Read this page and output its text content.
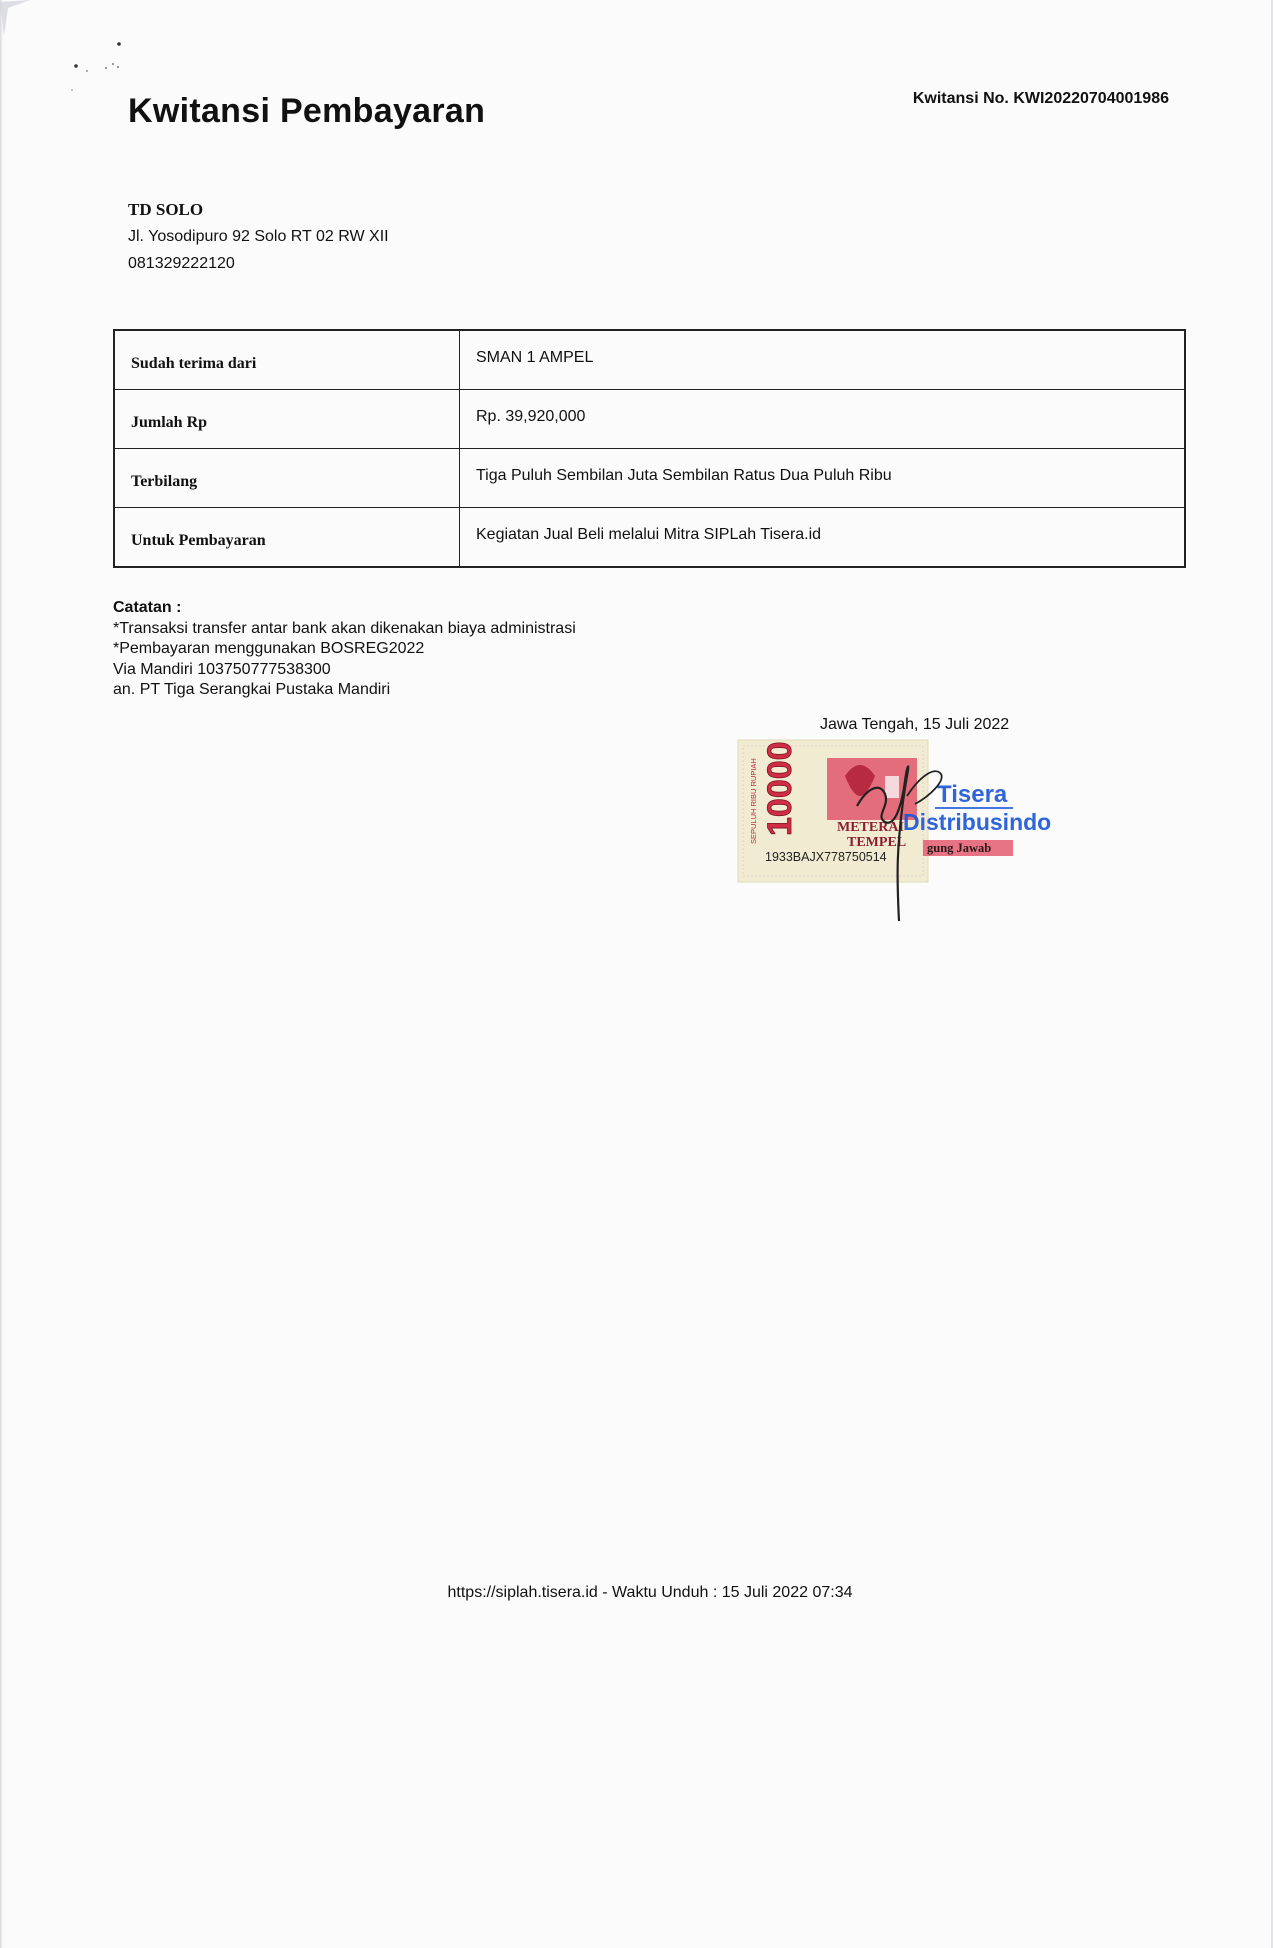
Kwitansi Pembayaran	Kwitansi No. KWI20220704001986
TD SOLO
Jl. Yosodipuro 92 Solo RT 02 RW XII
081329222120
Sudah terima dari	SMAN 1 AMPEL
Jumlah Rp	Rp. 39,920,000
Terbilang	Tiga Puluh Sembilan Juta Sembilan Ratus Dua Puluh Ribu
Untuk Pembayaran	Kegiatan Jual Beli melalui Mitra SIPLah Tisera.id
Catatan :
*Transaksi transfer antar bank akan dikenakan biaya administrasi
*Pembayaran menggunakan BOSREG2022
Via Mandiri 103750777538300
an. PT Tiga Serangkai Pustaka Mandiri
Jawa Tengah, 15 Juli 2022
SEPULUH RIBU RUPIAH 10000	METERAI
TEMPEL
1933BAJX778750514
Tisera
Distribusindo
gung Jawab
https://siplah.tisera.id - Waktu Unduh : 15 Juli 2022 07:34
